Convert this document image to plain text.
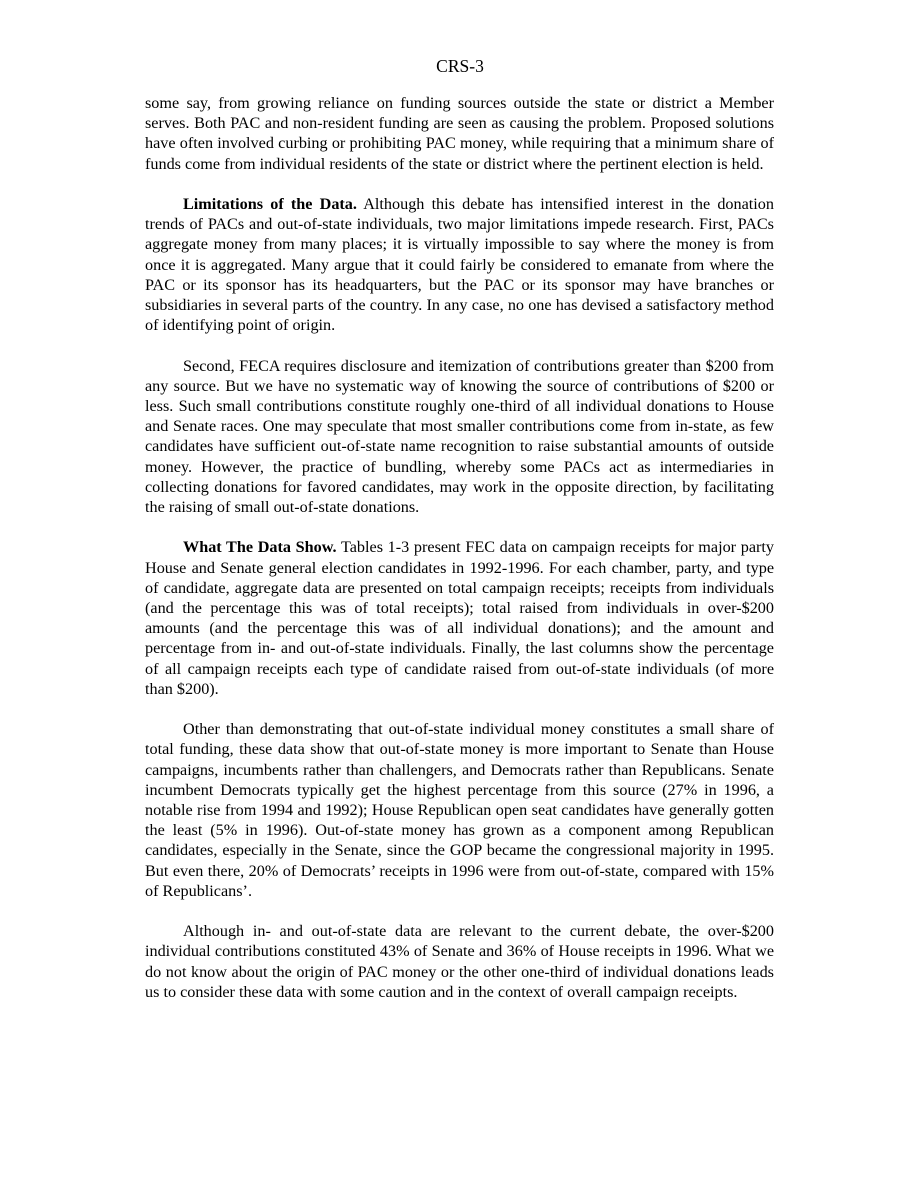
CRS-3

some say, from growing reliance on funding sources outside the state or district a Member serves. Both PAC and non-resident funding are seen as causing the problem. Proposed solutions have often involved curbing or prohibiting PAC money, while requiring that a minimum share of funds come from individual residents of the state or district where the pertinent election is held.

Limitations of the Data. Although this debate has intensified interest in the donation trends of PACs and out-of-state individuals, two major limitations impede research. First, PACs aggregate money from many places; it is virtually impossible to say where the money is from once it is aggregated. Many argue that it could fairly be considered to emanate from where the PAC or its sponsor has its headquarters, but the PAC or its sponsor may have branches or subsidiaries in several parts of the country. In any case, no one has devised a satisfactory method of identifying point of origin.

Second, FECA requires disclosure and itemization of contributions greater than $200 from any source. But we have no systematic way of knowing the source of contributions of $200 or less. Such small contributions constitute roughly one-third of all individual donations to House and Senate races. One may speculate that most smaller contributions come from in-state, as few candidates have sufficient out-of-state name recognition to raise substantial amounts of outside money. However, the practice of bundling, whereby some PACs act as intermediaries in collecting donations for favored candidates, may work in the opposite direction, by facilitating the raising of small out-of-state donations.

What The Data Show. Tables 1-3 present FEC data on campaign receipts for major party House and Senate general election candidates in 1992-1996. For each chamber, party, and type of candidate, aggregate data are presented on total campaign receipts; receipts from individuals (and the percentage this was of total receipts); total raised from individuals in over-$200 amounts (and the percentage this was of all individual donations); and the amount and percentage from in- and out-of-state individuals. Finally, the last columns show the percentage of all campaign receipts each type of candidate raised from out-of-state individuals (of more than $200).

Other than demonstrating that out-of-state individual money constitutes a small share of total funding, these data show that out-of-state money is more important to Senate than House campaigns, incumbents rather than challengers, and Democrats rather than Republicans. Senate incumbent Democrats typically get the highest percentage from this source (27% in 1996, a notable rise from 1994 and 1992); House Republican open seat candidates have generally gotten the least (5% in 1996). Out-of-state money has grown as a component among Republican candidates, especially in the Senate, since the GOP became the congressional majority in 1995. But even there, 20% of Democrats’ receipts in 1996 were from out-of-state, compared with 15% of Republicans’.

Although in- and out-of-state data are relevant to the current debate, the over-$200 individual contributions constituted 43% of Senate and 36% of House receipts in 1996. What we do not know about the origin of PAC money or the other one-third of individual donations leads us to consider these data with some caution and in the context of overall campaign receipts.
